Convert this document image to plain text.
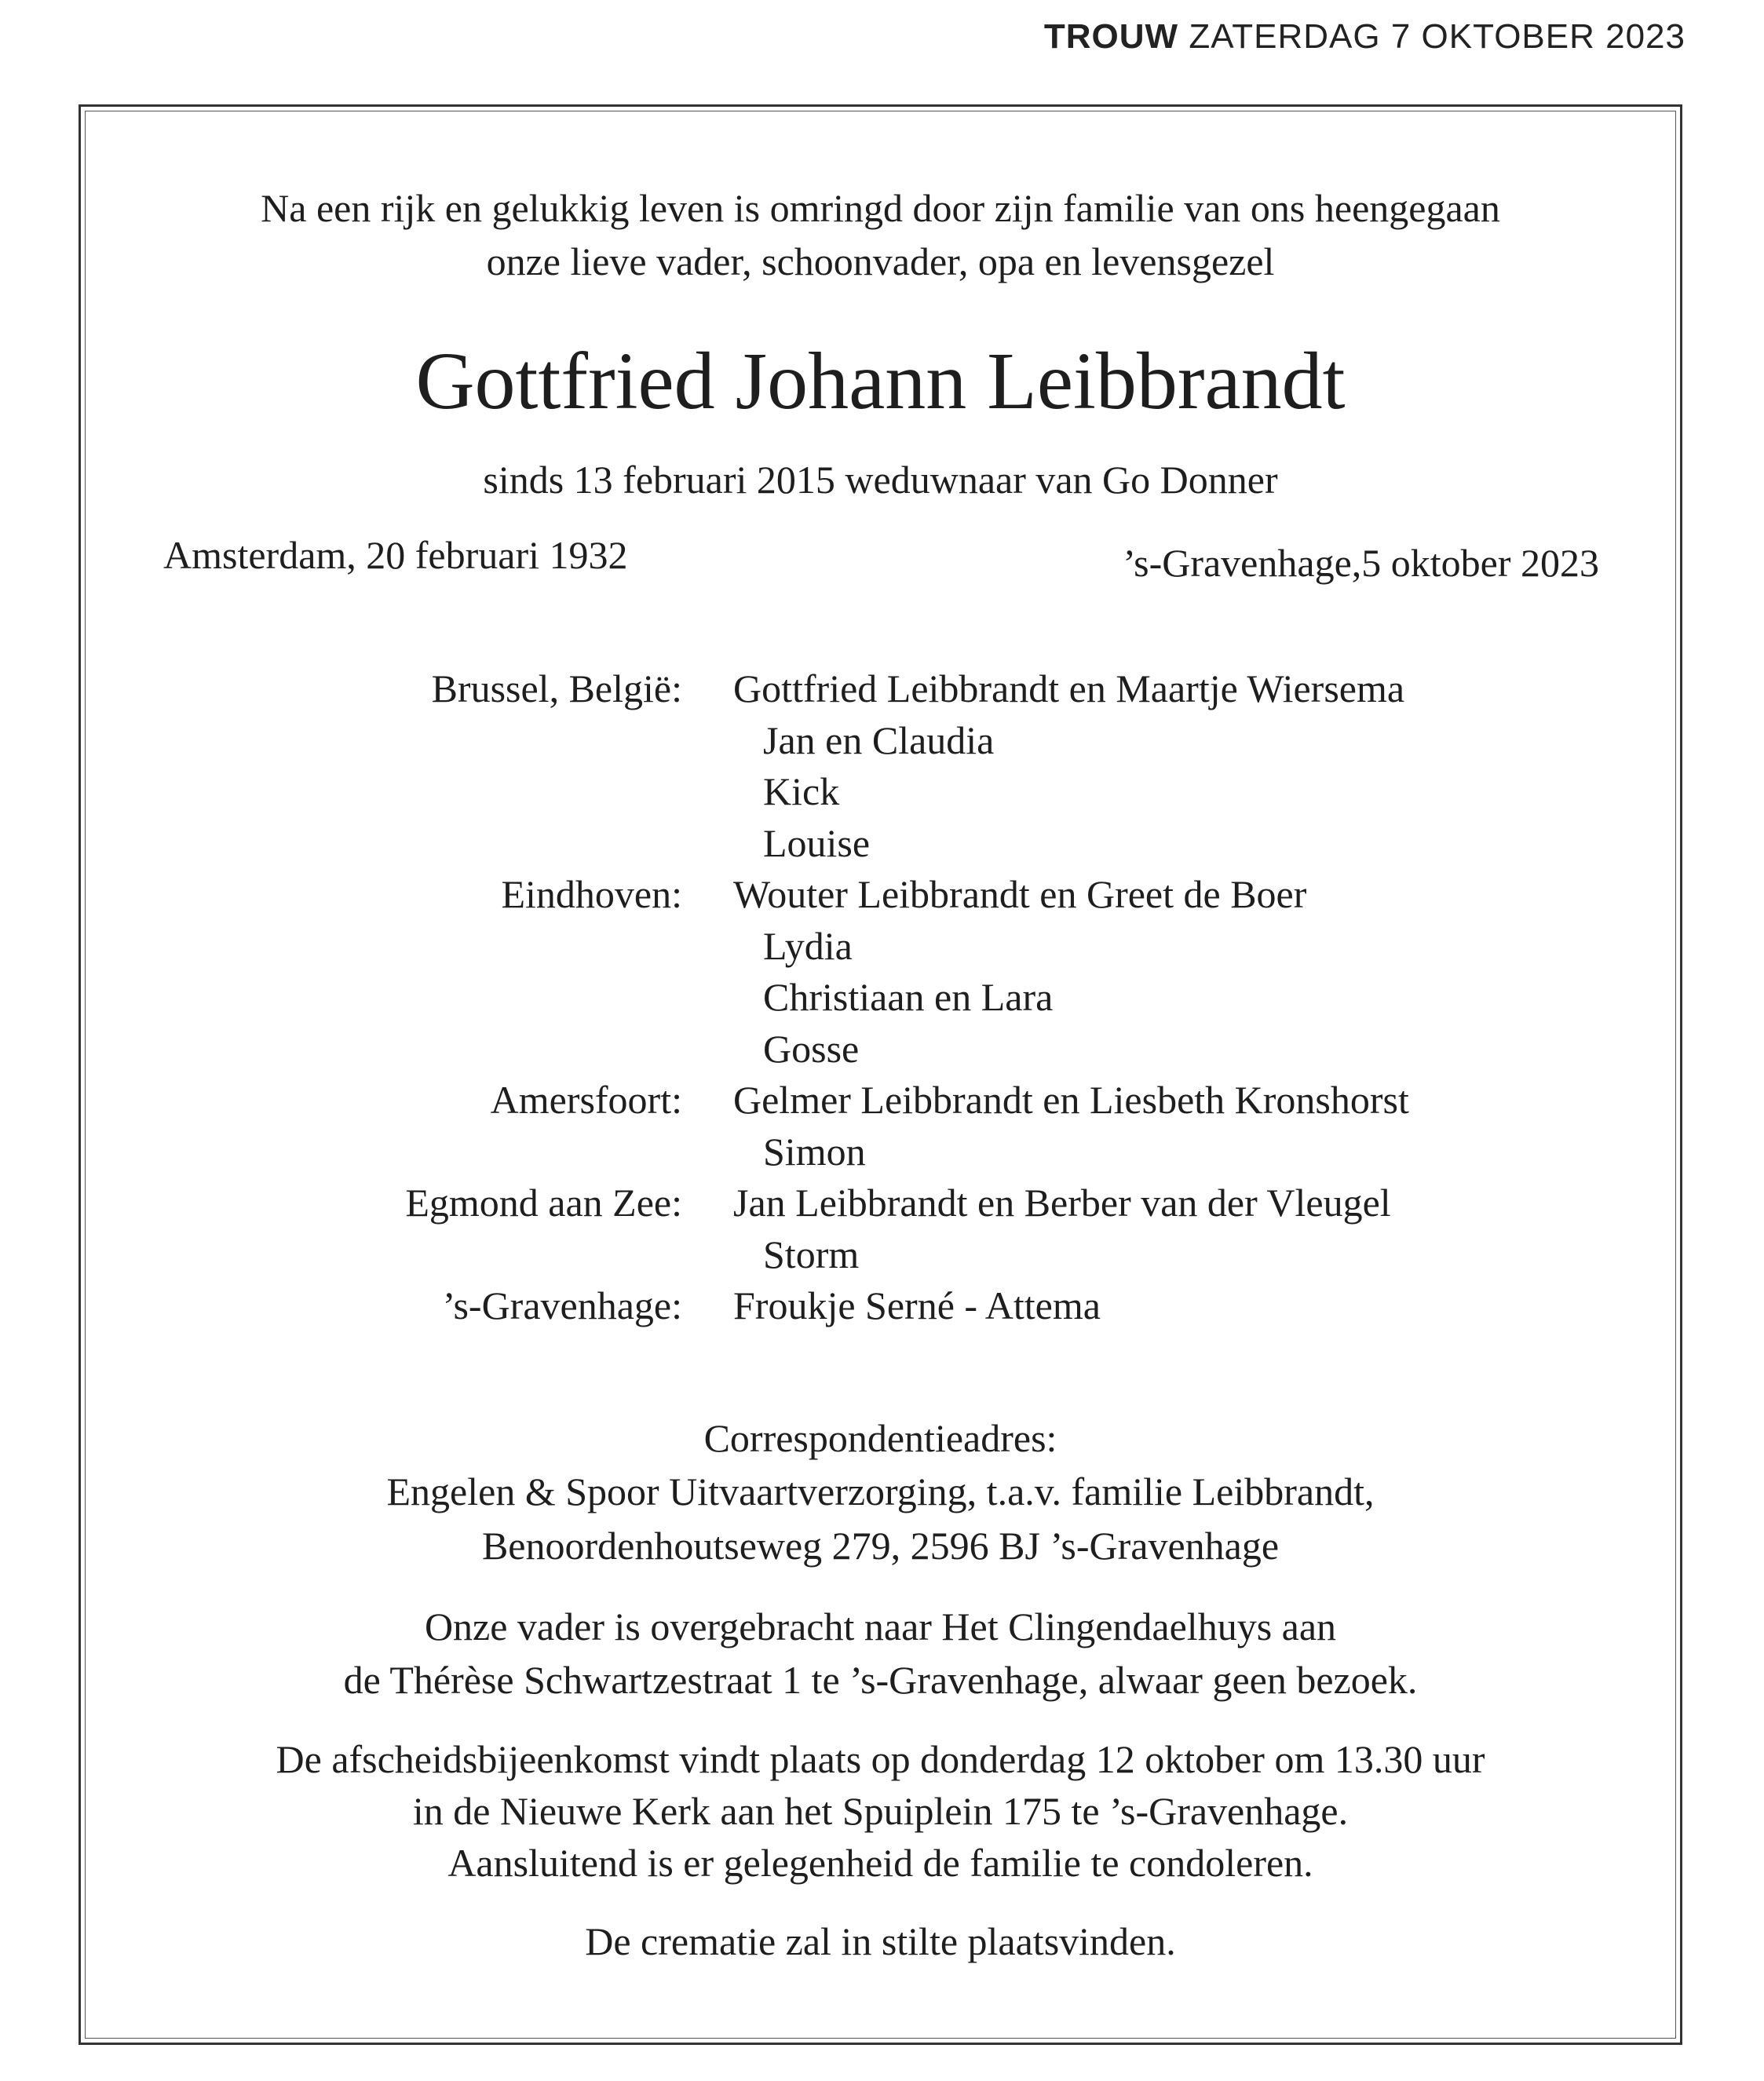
TROUW ZATERDAG 7 OKTOBER 2023
Na een rijk en gelukkig leven is omringd door zijn familie van ons heengegaan
onze lieve vader, schoonvader, opa en levensgezel
Gottfried Johann Leibbrandt
sinds 13 februari 2015 weduwnaar van Go Donner
Amsterdam, 20 februari 1932	’s-Gravenhage,5 oktober 2023
Brussel, België: Gottfried Leibbrandt en Maartje Wiersema
Jan en Claudia
Kick
Louise
Eindhoven: Wouter Leibbrandt en Greet de Boer
Lydia
Christiaan en Lara
Gosse
Amersfoort: Gelmer Leibbrandt en Liesbeth Kronshorst
Simon
Egmond aan Zee: Jan Leibbrandt en Berber van der Vleugel
Storm
’s-Gravenhage: Froukje Serné - Attema
Correspondentieadres:
Engelen & Spoor Uitvaartverzorging, t.a.v. familie Leibbrandt,
Benoordenhoutseweg 279, 2596 BJ ’s-Gravenhage
Onze vader is overgebracht naar Het Clingendaelhuys aan
de Thérèse Schwartzestraat 1 te ’s-Gravenhage, alwaar geen bezoek.
De afscheidsbijeenkomst vindt plaats op donderdag 12 oktober om 13.30 uur
in de Nieuwe Kerk aan het Spuiplein 175 te ’s-Gravenhage.
Aansluitend is er gelegenheid de familie te condoleren.
De crematie zal in stilte plaatsvinden.
